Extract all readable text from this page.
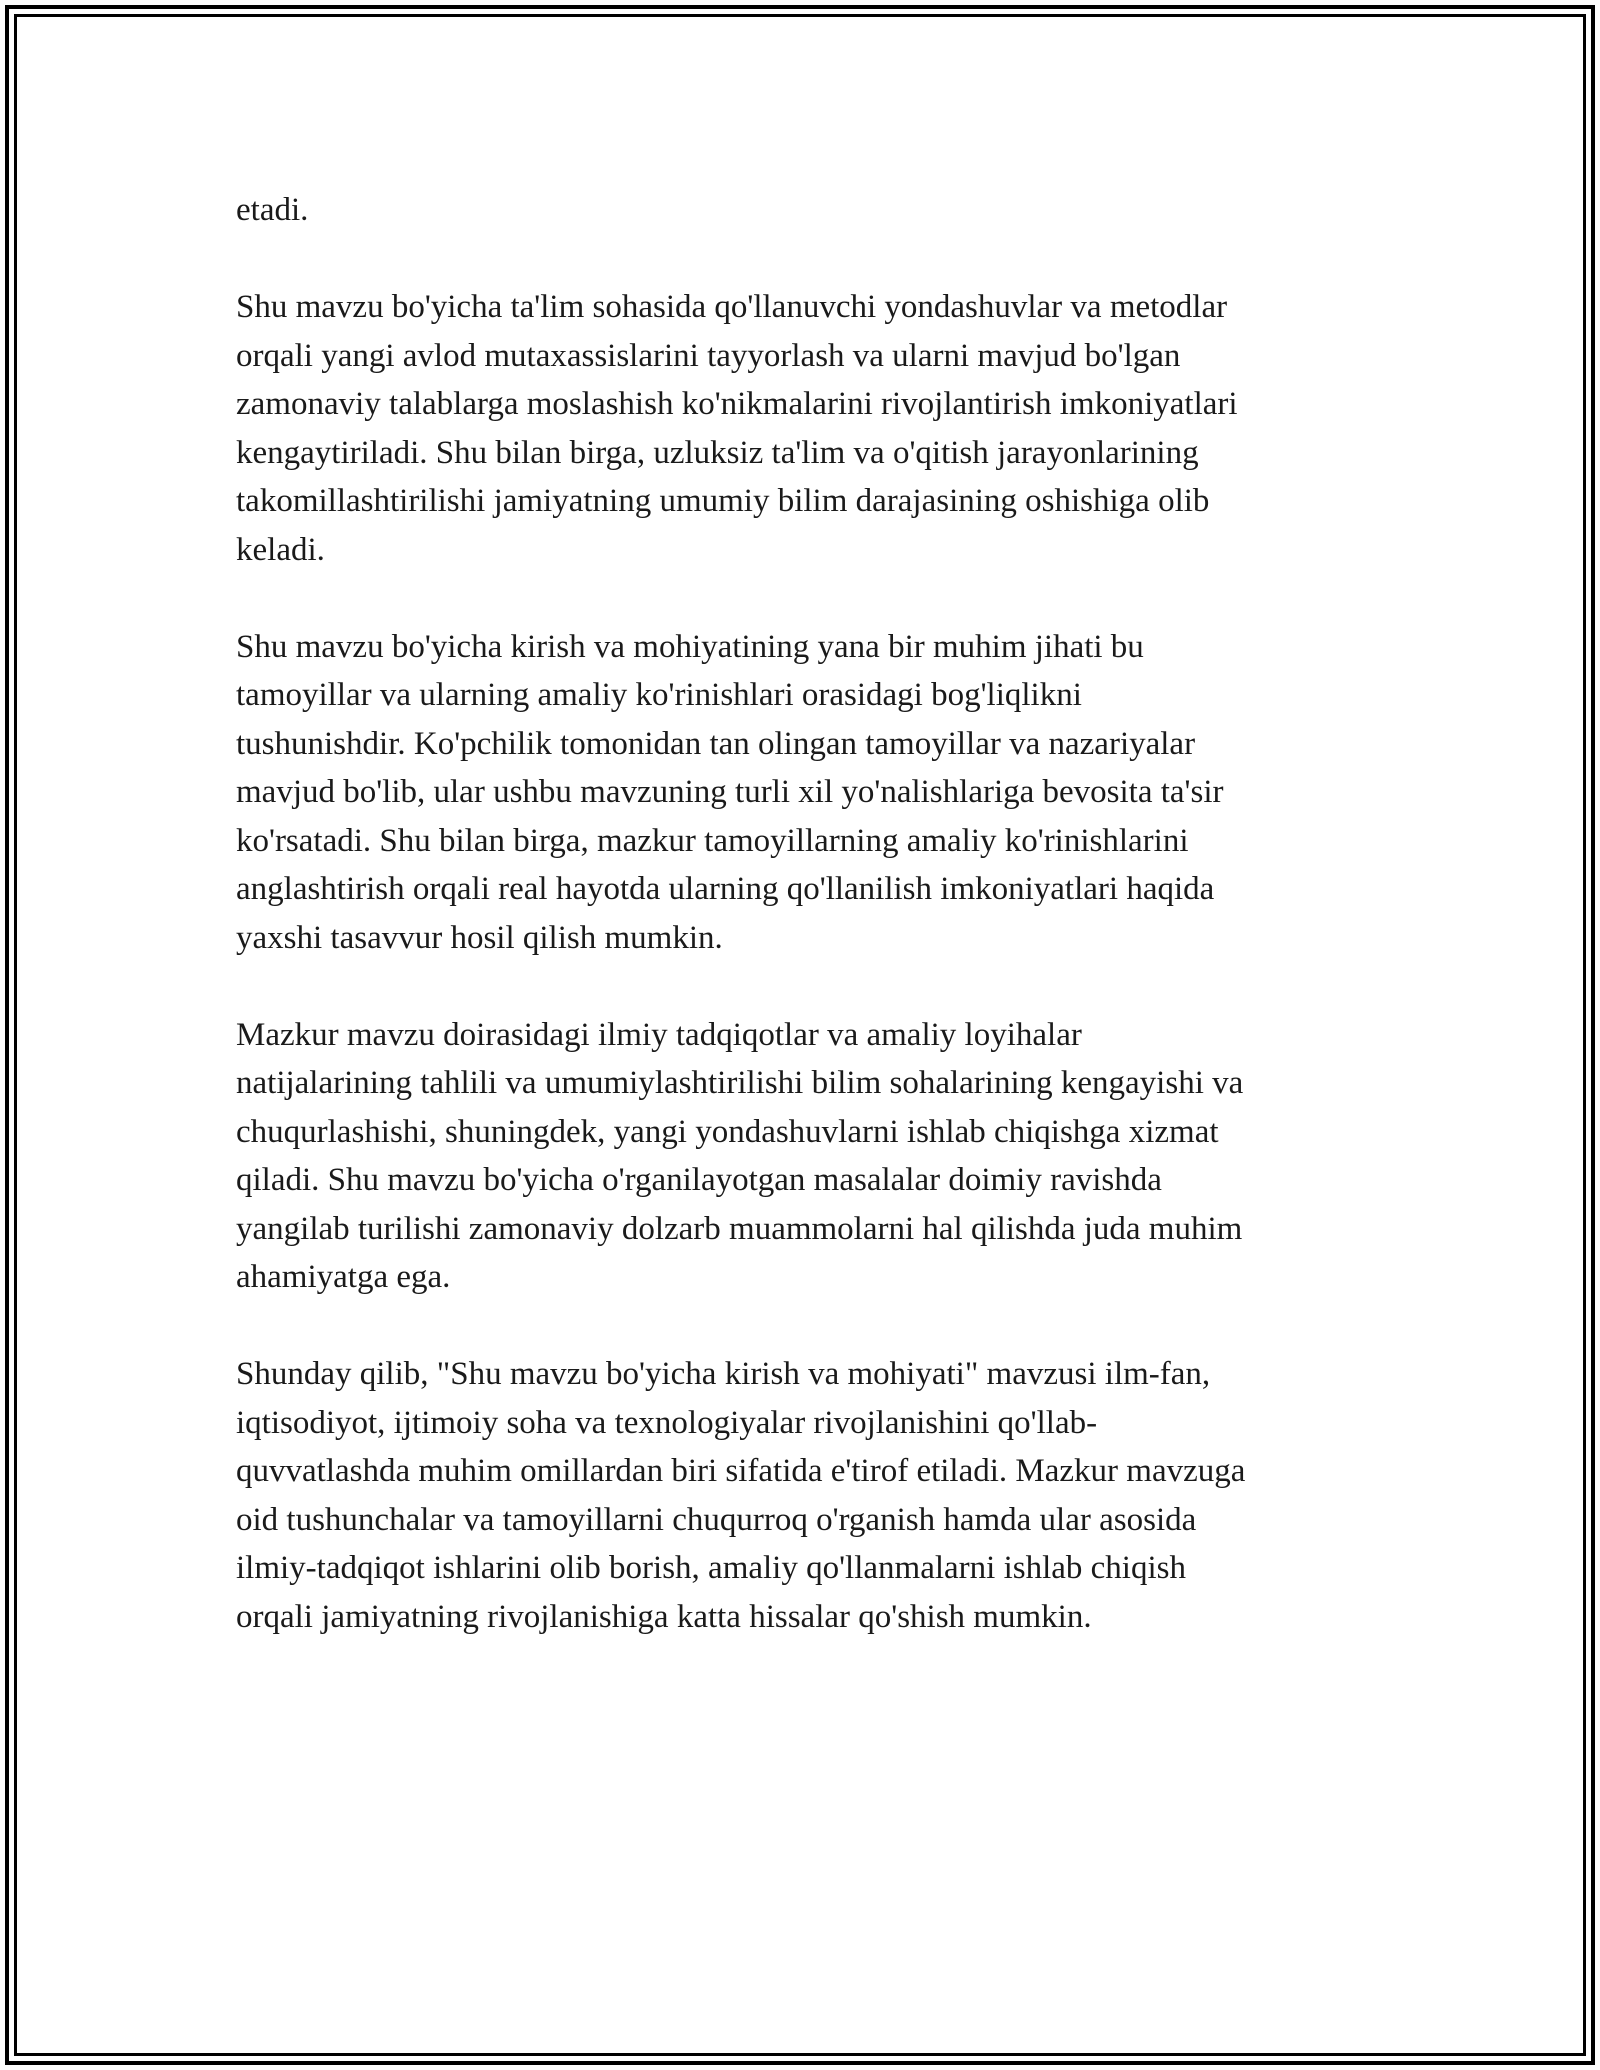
etadi.

Shu mavzu bo'yicha ta'lim sohasida qo'llanuvchi yondashuvlar va metodlar
orqali yangi avlod mutaxassislarini tayyorlash va ularni mavjud bo'lgan
zamonaviy talablarga moslashish ko'nikmalarini rivojlantirish imkoniyatlari
kengaytiriladi. Shu bilan birga, uzluksiz ta'lim va o'qitish jarayonlarining
takomillashtirilishi jamiyatning umumiy bilim darajasining oshishiga olib
keladi.

Shu mavzu bo'yicha kirish va mohiyatining yana bir muhim jihati bu
tamoyillar va ularning amaliy ko'rinishlari orasidagi bog'liqlikni
tushunishdir. Ko'pchilik tomonidan tan olingan tamoyillar va nazariyalar
mavjud bo'lib, ular ushbu mavzuning turli xil yo'nalishlariga bevosita ta'sir
ko'rsatadi. Shu bilan birga, mazkur tamoyillarning amaliy ko'rinishlarini
anglashtirish orqali real hayotda ularning qo'llanilish imkoniyatlari haqida
yaxshi tasavvur hosil qilish mumkin.

Mazkur mavzu doirasidagi ilmiy tadqiqotlar va amaliy loyihalar
natijalarining tahlili va umumiylashtirilishi bilim sohalarining kengayishi va
chuqurlashishi, shuningdek, yangi yondashuvlarni ishlab chiqishga xizmat
qiladi. Shu mavzu bo'yicha o'rganilayotgan masalalar doimiy ravishda
yangilab turilishi zamonaviy dolzarb muammolarni hal qilishda juda muhim
ahamiyatga ega.

Shunday qilib, "Shu mavzu bo'yicha kirish va mohiyati" mavzusi ilm-fan,
iqtisodiyot, ijtimoiy soha va texnologiyalar rivojlanishini qo'llab-
quvvatlashda muhim omillardan biri sifatida e'tirof etiladi. Mazkur mavzuga
oid tushunchalar va tamoyillarni chuqurroq o'rganish hamda ular asosida
ilmiy-tadqiqot ishlarini olib borish, amaliy qo'llanmalarni ishlab chiqish
orqali jamiyatning rivojlanishiga katta hissalar qo'shish mumkin.
